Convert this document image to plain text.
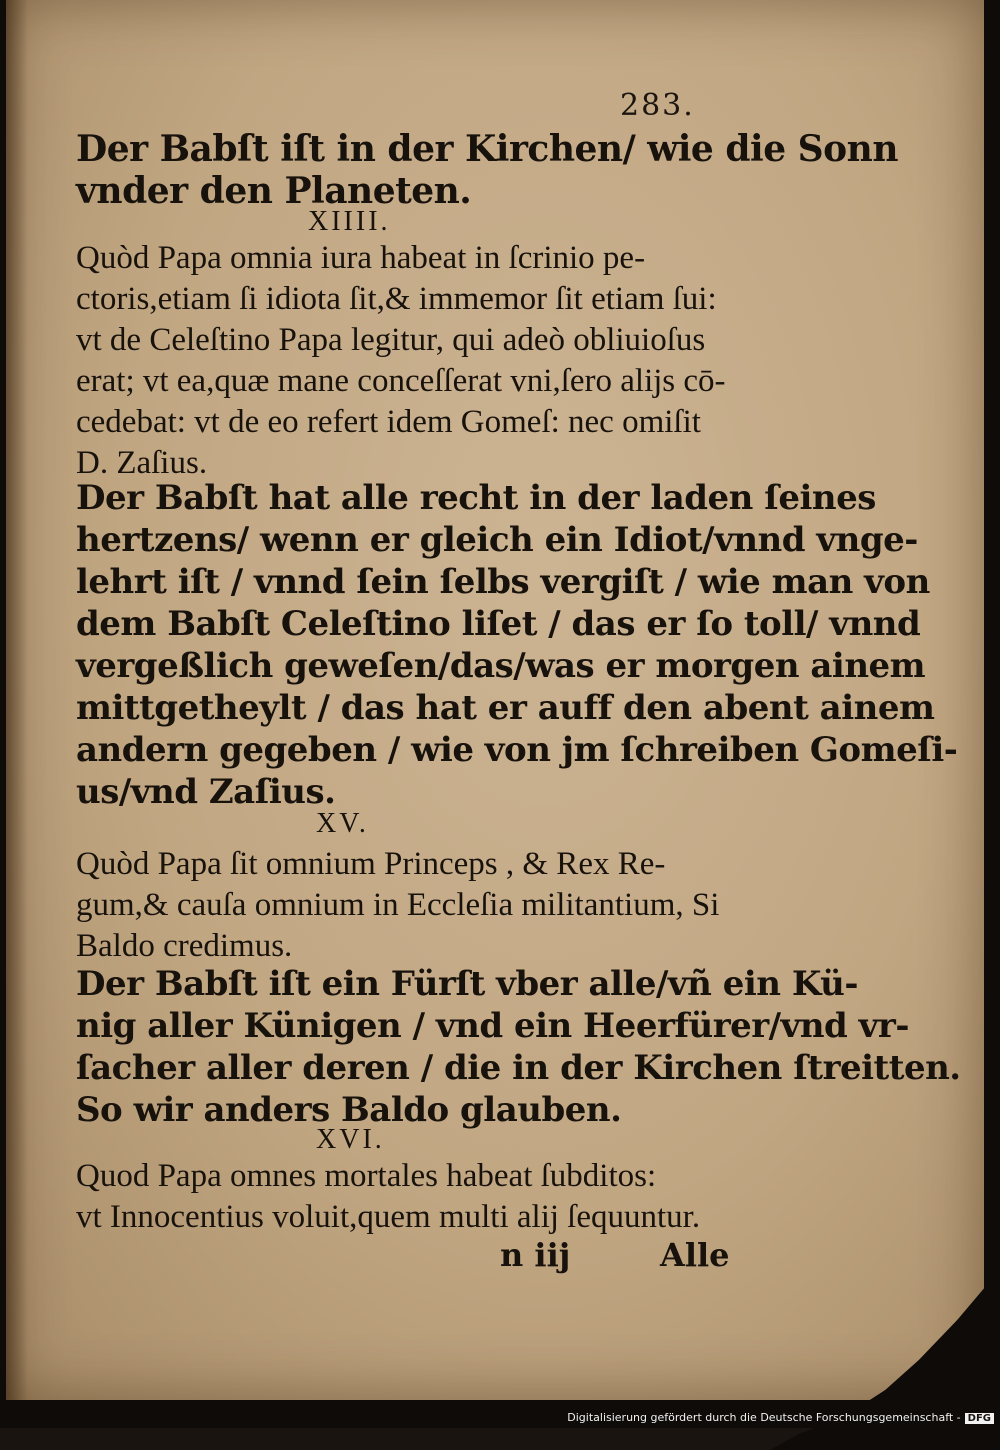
283.
Der Babſt iſt in der Kirchen/ wie die Sonn
vnder den Planeten.
XIIII.
Quòd Papa omnia iura habeat in ſcrinio pe-
ctoris,etiam ſi idiota ſit,& immemor ſit etiam ſui:
vt de Celeſtino Papa legitur, qui adeò obliuioſus
erat; vt ea,quæ mane conceſſerat vni,ſero alĳs cō-
cedebat: vt de eo refert idem Gomeſ: nec omiſit
D. Zaſius.
Der Babſt hat alle recht in der laden ſeines
hertzens/ wenn er gleich ein Idiot/vnnd vnge-
lehrt iſt / vnnd ſein ſelbs vergiſt / wie man von
dem Babſt Celeſtino liſet / das er ſo toll/ vnnd
vergeßlich geweſen/das/was er morgen ainem
mittgetheylt / das hat er auff den abent ainem
andern gegeben / wie von jm ſchreiben Gomeſi-
us/vnd Zaſius.
XV.
Quòd Papa ſit omnium Princeps , & Rex Re-
gum,& cauſa omnium in Eccleſia militantium, Si
Baldo credimus.
Der Babſt iſt ein Fürſt vber alle/vñ ein Kü-
nig aller Künigen / vnd ein Heerfürer/vnd vr-
ſacher aller deren / die in der Kirchen ſtreitten.
So wir anders Baldo glauben.
XVI.
Quod Papa omnes mortales habeat ſubditos:
vt Innocentius voluit,quem multi alĳ ſequuntur.
n iij	Alle
Digitalisierung gefördert durch die Deutsche Forschungsgemeinschaft - DFG
